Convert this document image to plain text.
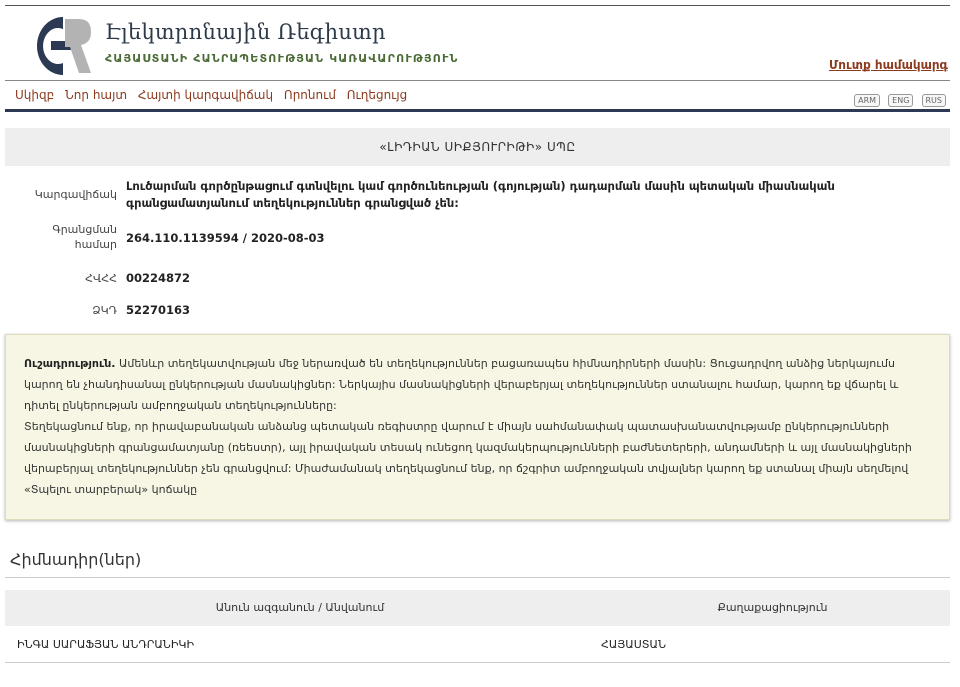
Էլեկտրոնային Ռեգիստր
ՀԱՅԱՍՏԱՆԻ ՀԱՆՐԱՊԵՏՈՒԹՅԱՆ ԿԱՌԱՎԱՐՈՒԹՅՈՒՆ	Մուտք համակարգ
Սկիզբ Նոր հայտ Հայտի կարգավիճակ Որոնում Ուղեցույց	ARM ENG RUS
«ԼԻԴԻԱՆ ՍԻՔՅՈՒՐԻԹԻ» ՍՊԸ
Կարգավիճակ
Լուծարման գործընթացում գտնվելու կամ գործունեության (գոյության) դադարման մասին պետական միասնական գրանցամատյանում տեղեկություններ գրանցված չեն:
Գրանցման համար 264.110.1139594 / 2020-08-03
ՀՎՀՀ 00224872
ՁԿԴ 52270163
Ուշադրություն. Ամենևր տեղեկատվության մեջ ներառված են տեղեկություններ բացառապես հիմնադիրների մասին: Ցուցադրվող անձից ներկայումս կարող են չհանդիսանալ ընկերության մասնակիցներ: Ներկայիս մասնակիցների վերաբերյալ տեղեկություններ ստանալու համար, կարող եք վճարել և դիտել ընկերության ամբողջական տեղեկությունները:
Տեղեկացնում ենք, որ իրավաբանական անձանց պետական ռեգիստրը վարում է միայն սահմանափակ պատասխանատվությամբ ընկերությունների մասնակիցների գրանցամատյանը (ռեեստր), այլ իրավական տեսակ ունեցող կազմակերպությունների բաժնետերերի, անդամների և այլ մասնակիցների վերաբերյալ տեղեկություններ չեն գրանցվում: Միաժամանակ տեղեկացնում ենք, որ ճշգրիտ ամբողջական տվյալներ կարող եք ստանալ միայն սեղմելով «Տպելու տարբերակ» կոճակը
Հիմնադիր(ներ)
Անուն ազգանուն / Անվանում	Քաղաքացիություն
ԻՆԳԱ ՍԱՐԱՖՅԱՆ ԱՆԴՐԱՆԻԿԻ	ՀԱՅԱՍՏԱՆ
